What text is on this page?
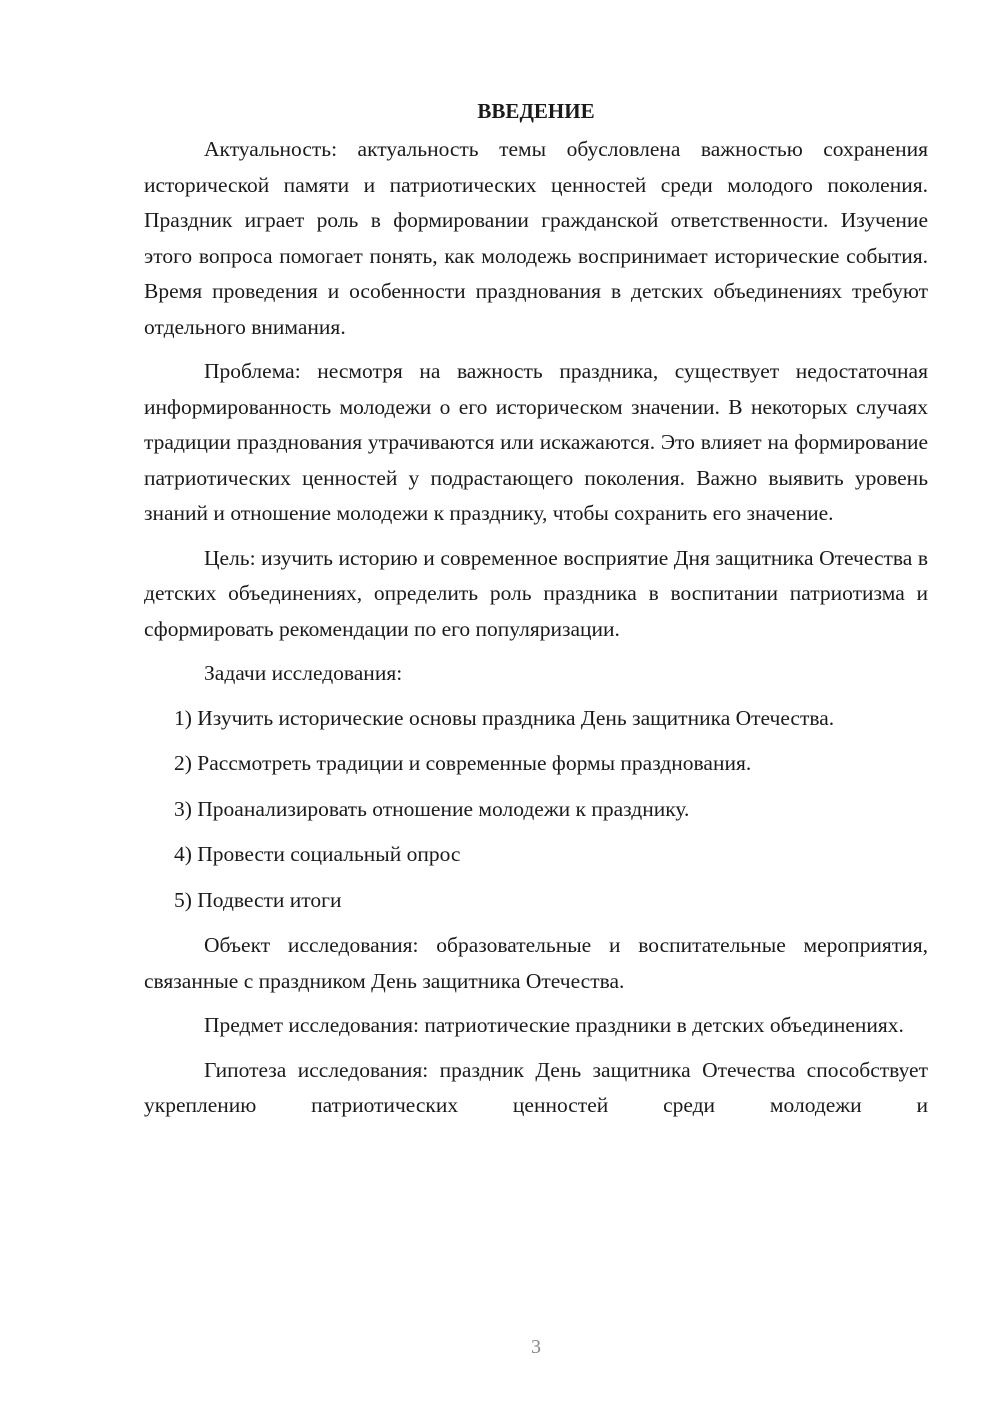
ВВЕДЕНИЕ

Актуальность: актуальность темы обусловлена важностью сохранения исторической памяти и патриотических ценностей среди молодого поколения. Праздник играет роль в формировании гражданской ответственности. Изучение этого вопроса помогает понять, как молодежь воспринимает исторические события. Время проведения и особенности празднования в детских объединениях требуют отдельного внимания.

Проблема: несмотря на важность праздника, существует недостаточная информированность молодежи о его историческом значении. В некоторых случаях традиции празднования утрачиваются или искажаются. Это влияет на формирование патриотических ценностей у подрастающего поколения. Важно выявить уровень знаний и отношение молодежи к празднику, чтобы сохранить его значение.

Цель: изучить историю и современное восприятие Дня защитника Отечества в детских объединениях, определить роль праздника в воспитании патриотизма и сформировать рекомендации по его популяризации.

Задачи исследования:

1) Изучить исторические основы праздника День защитника Отечества.

2) Рассмотреть традиции и современные формы празднования.

3) Проанализировать отношение молодежи к празднику.

4) Провести социальный опрос

5) Подвести итоги

Объект исследования: образовательные и воспитательные мероприятия, связанные с праздником День защитника Отечества.

Предмет исследования: патриотические праздники в детских объединениях.

Гипотеза исследования: праздник День защитника Отечества способствует укреплению патриотических ценностей среди молодежи и

3
